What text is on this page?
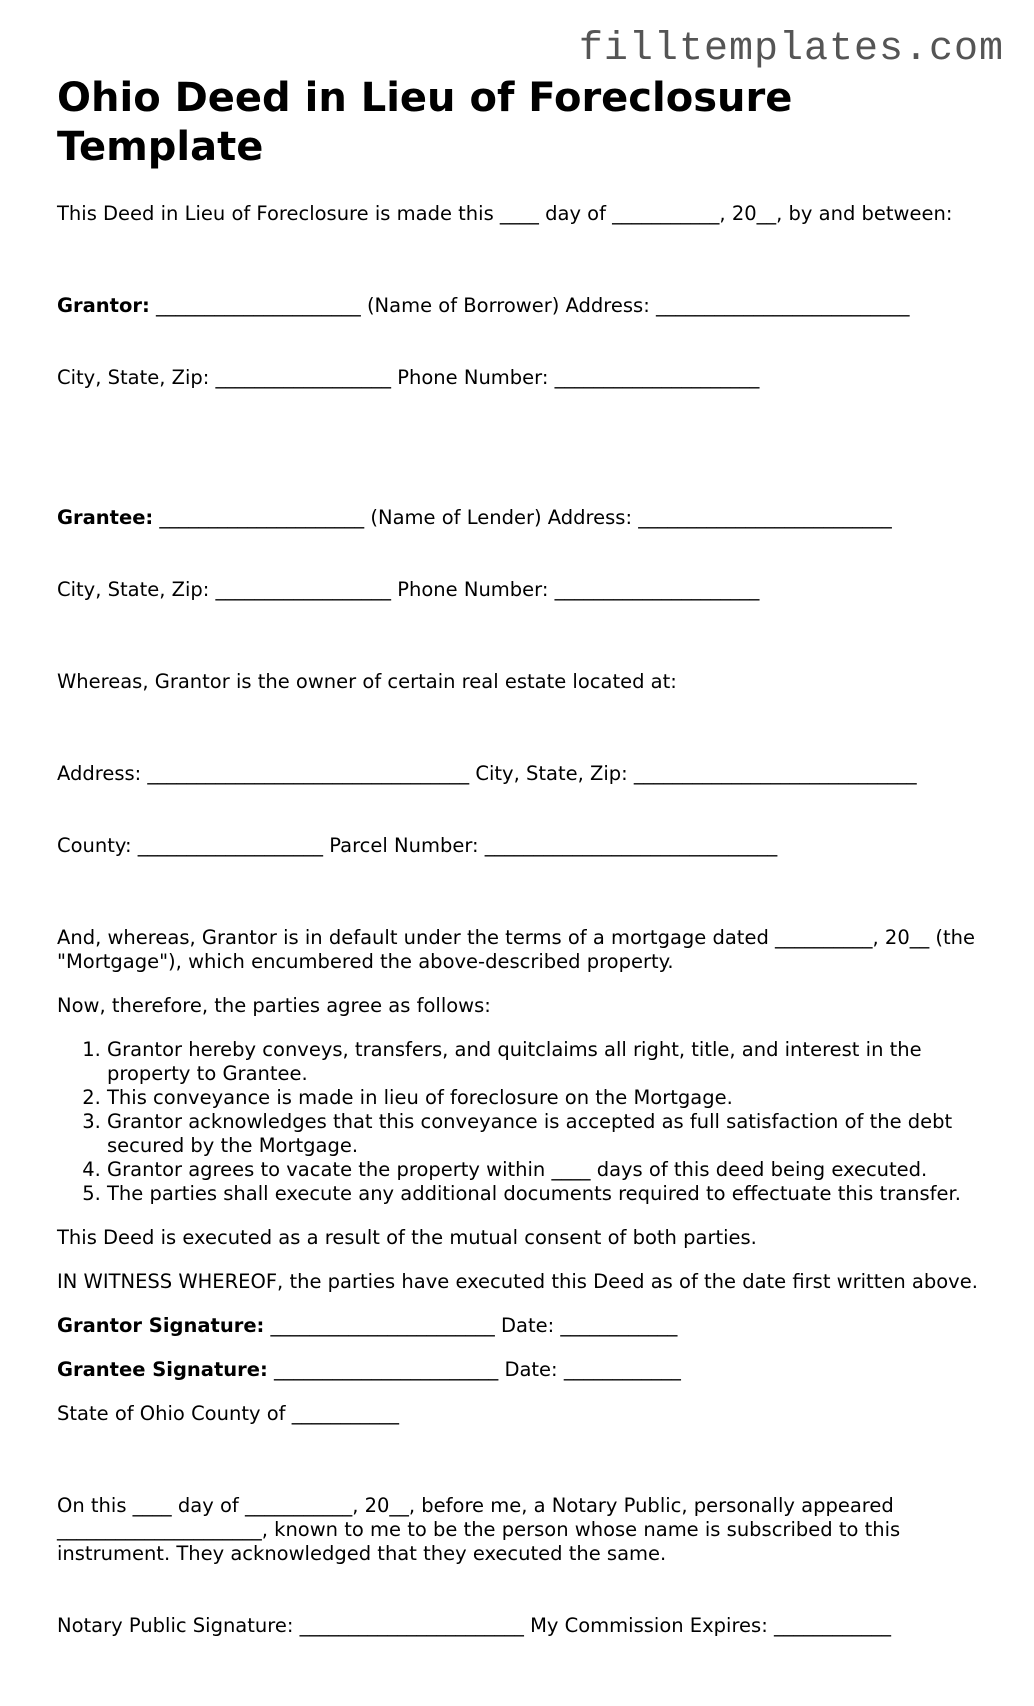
filltemplates.com
Ohio Deed in Lieu of Foreclosure Template

This Deed in Lieu of Foreclosure is made this ____ day of ___________, 20__, by and between:

Grantor: _____________________ (Name of Borrower) Address: __________________________

City, State, Zip: __________________ Phone Number: _____________________

Grantee: _____________________ (Name of Lender) Address: __________________________

City, State, Zip: __________________ Phone Number: _____________________

Whereas, Grantor is the owner of certain real estate located at:

Address: _________________________________ City, State, Zip: _____________________________

County: ___________________ Parcel Number: ______________________________

And, whereas, Grantor is in default under the terms of a mortgage dated __________, 20__ (the "Mortgage"), which encumbered the above-described property.

Now, therefore, the parties agree as follows:

1. Grantor hereby conveys, transfers, and quitclaims all right, title, and interest in the property to Grantee.
2. This conveyance is made in lieu of foreclosure on the Mortgage.
3. Grantor acknowledges that this conveyance is accepted as full satisfaction of the debt secured by the Mortgage.
4. Grantor agrees to vacate the property within ____ days of this deed being executed.
5. The parties shall execute any additional documents required to effectuate this transfer.

This Deed is executed as a result of the mutual consent of both parties.

IN WITNESS WHEREOF, the parties have executed this Deed as of the date first written above.

Grantor Signature: _______________________ Date: ____________

Grantee Signature: _______________________ Date: ____________

State of Ohio County of ___________

On this ____ day of ___________, 20__, before me, a Notary Public, personally appeared _____________________, known to me to be the person whose name is subscribed to this instrument. They acknowledged that they executed the same.

Notary Public Signature: _______________________ My Commission Expires: ____________
